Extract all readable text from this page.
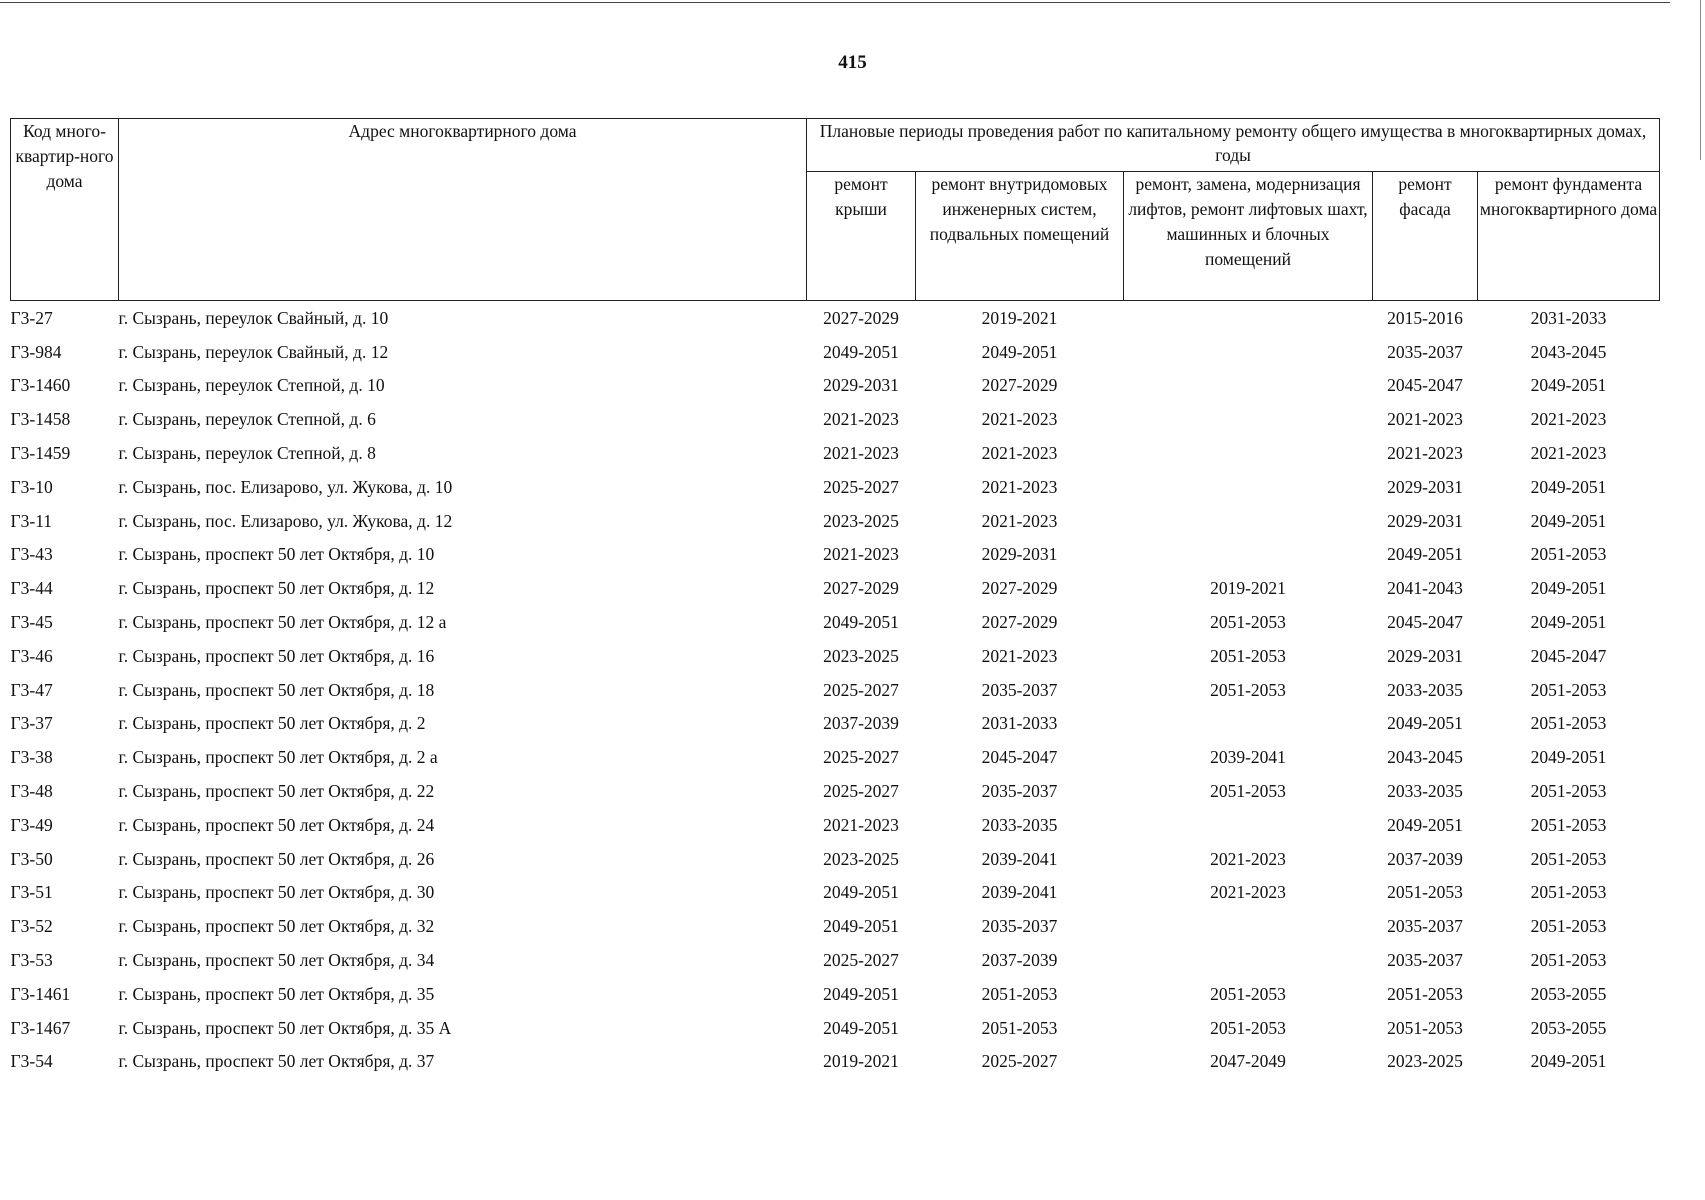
415
Код много-квартир-ного дома	Адрес многоквартирного дома	Плановые периоды проведения работ по капитальному ремонту общего имущества в многоквартирных домах, годы				
		ремонт крыши	ремонт внутридомовых инженерных систем, подвальных помещений	ремонт, замена, модернизация лифтов, ремонт лифтовых шахт, машинных и блочных помещений	ремонт фасада	ремонт фундамента многоквартирного дома
Г3-27	г. Сызрань, переулок Свайный, д. 10	2027-2029	2019-2021		2015-2016	2031-2033
Г3-984	г. Сызрань, переулок Свайный, д. 12	2049-2051	2049-2051		2035-2037	2043-2045
Г3-1460	г. Сызрань, переулок Степной, д. 10	2029-2031	2027-2029		2045-2047	2049-2051
Г3-1458	г. Сызрань, переулок Степной, д. 6	2021-2023	2021-2023		2021-2023	2021-2023
Г3-1459	г. Сызрань, переулок Степной, д. 8	2021-2023	2021-2023		2021-2023	2021-2023
Г3-10	г. Сызрань, пос. Елизарово, ул. Жукова, д. 10	2025-2027	2021-2023		2029-2031	2049-2051
Г3-11	г. Сызрань, пос. Елизарово, ул. Жукова, д. 12	2023-2025	2021-2023		2029-2031	2049-2051
Г3-43	г. Сызрань, проспект 50 лет Октября, д. 10	2021-2023	2029-2031		2049-2051	2051-2053
Г3-44	г. Сызрань, проспект 50 лет Октября, д. 12	2027-2029	2027-2029	2019-2021	2041-2043	2049-2051
Г3-45	г. Сызрань, проспект 50 лет Октября, д. 12 а	2049-2051	2027-2029	2051-2053	2045-2047	2049-2051
Г3-46	г. Сызрань, проспект 50 лет Октября, д. 16	2023-2025	2021-2023	2051-2053	2029-2031	2045-2047
Г3-47	г. Сызрань, проспект 50 лет Октября, д. 18	2025-2027	2035-2037	2051-2053	2033-2035	2051-2053
Г3-37	г. Сызрань, проспект 50 лет Октября, д. 2	2037-2039	2031-2033		2049-2051	2051-2053
Г3-38	г. Сызрань, проспект 50 лет Октября, д. 2 а	2025-2027	2045-2047	2039-2041	2043-2045	2049-2051
Г3-48	г. Сызрань, проспект 50 лет Октября, д. 22	2025-2027	2035-2037	2051-2053	2033-2035	2051-2053
Г3-49	г. Сызрань, проспект 50 лет Октября, д. 24	2021-2023	2033-2035		2049-2051	2051-2053
Г3-50	г. Сызрань, проспект 50 лет Октября, д. 26	2023-2025	2039-2041	2021-2023	2037-2039	2051-2053
Г3-51	г. Сызрань, проспект 50 лет Октября, д. 30	2049-2051	2039-2041	2021-2023	2051-2053	2051-2053
Г3-52	г. Сызрань, проспект 50 лет Октября, д. 32	2049-2051	2035-2037		2035-2037	2051-2053
Г3-53	г. Сызрань, проспект 50 лет Октября, д. 34	2025-2027	2037-2039		2035-2037	2051-2053
Г3-1461	г. Сызрань, проспект 50 лет Октября, д. 35	2049-2051	2051-2053	2051-2053	2051-2053	2053-2055
Г3-1467	г. Сызрань, проспект 50 лет Октября, д. 35 А	2049-2051	2051-2053	2051-2053	2051-2053	2053-2055
Г3-54	г. Сызрань, проспект 50 лет Октября, д. 37	2019-2021	2025-2027	2047-2049	2023-2025	2049-2051
